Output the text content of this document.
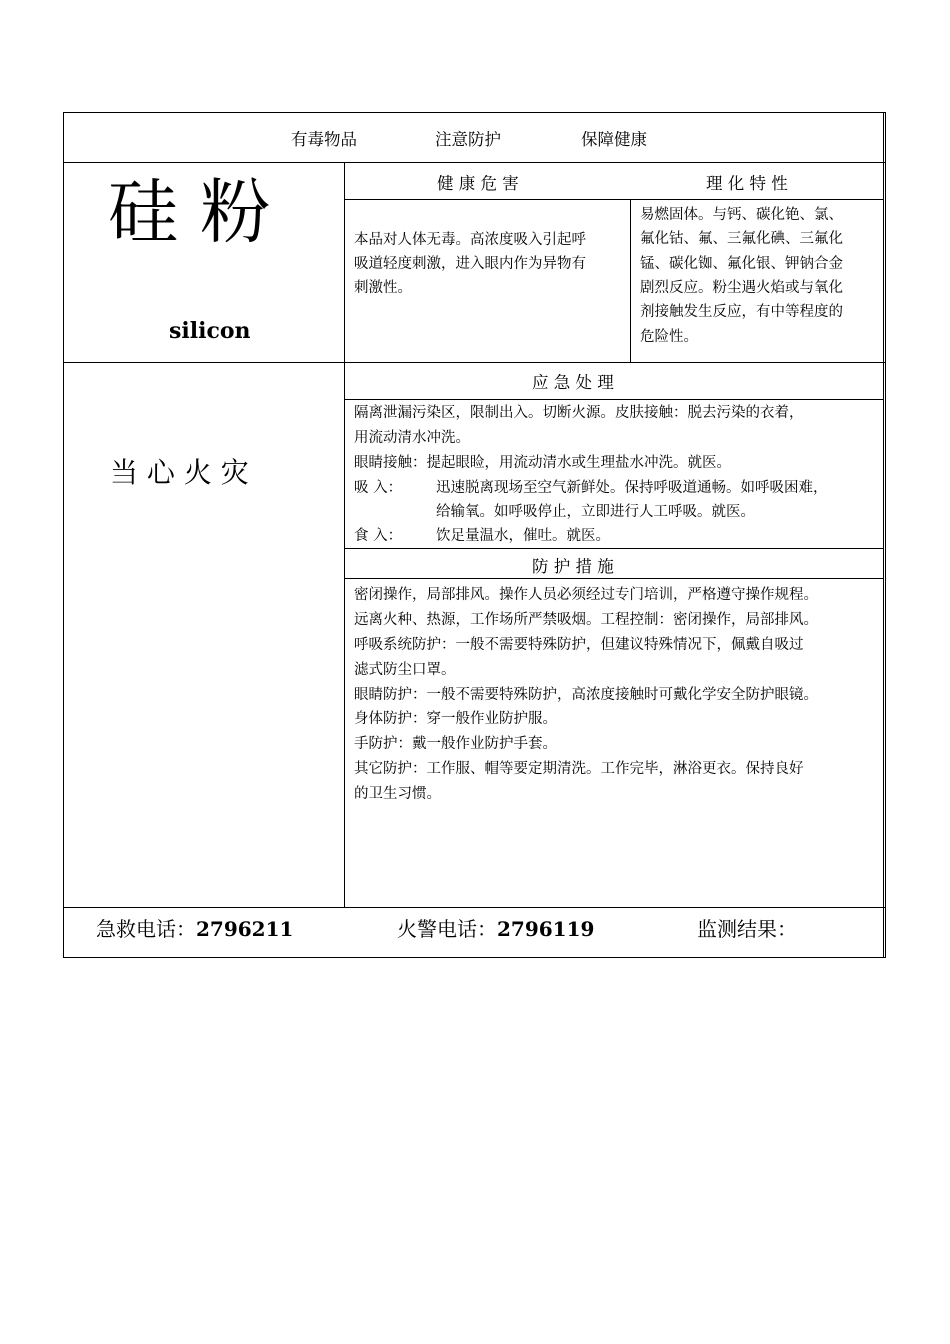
有毒物品	注意防护	保障健康
硅 粉
silicon
当 心 火 灾
健 康 危 害	理 化 特 性
本品对人体无毒。高浓度吸入引起呼
吸道轻度刺激，进入眼内作为异物有
刺激性。
易燃固体。与钙、碳化铯、氯、
氟化钴、氟、三氟化碘、三氟化
锰、碳化铷、氟化银、钾钠合金
剧烈反应。粉尘遇火焰或与氧化
剂接触发生反应，有中等程度的
危险性。
应 急 处 理
隔离泄漏污染区，限制出入。切断火源。皮肤接触：脱去污染的衣着，
用流动清水冲洗。
眼睛接触：提起眼睑，用流动清水或生理盐水冲洗。就医。
吸 入： 迅速脱离现场至空气新鲜处。保持呼吸道通畅。如呼吸困难，
给输氧。如呼吸停止，立即进行人工呼吸。就医。
食 入： 饮足量温水，催吐。就医。
防 护 措 施
密闭操作，局部排风。操作人员必须经过专门培训，严格遵守操作规程。
远离火种、热源，工作场所严禁吸烟。工程控制：密闭操作，局部排风。
呼吸系统防护：一般不需要特殊防护，但建议特殊情况下，佩戴自吸过
滤式防尘口罩。
眼睛防护：一般不需要特殊防护，高浓度接触时可戴化学安全防护眼镜。
身体防护：穿一般作业防护服。
手防护：戴一般作业防护手套。
其它防护：工作服、帽等要定期清洗。工作完毕，淋浴更衣。保持良好
的卫生习惯。
急救电话：2796211	火警电话：2796119	监测结果：
